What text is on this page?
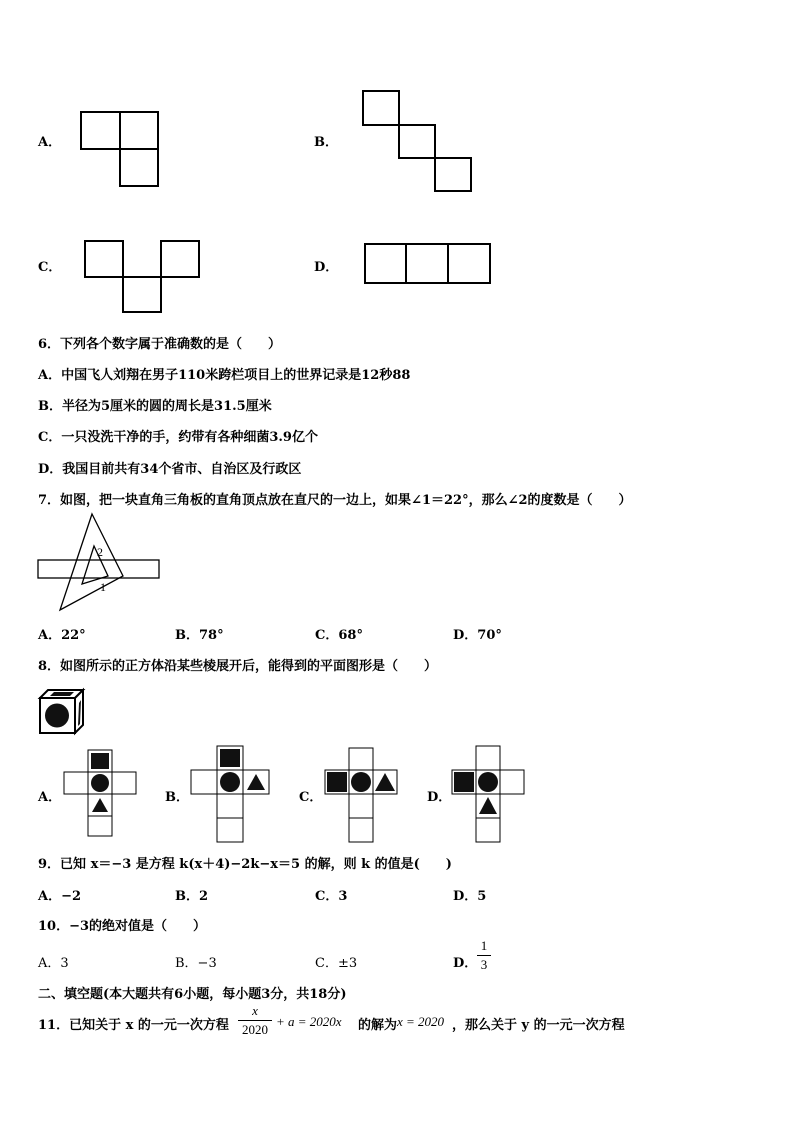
A．	B．
C．	D．
6．下列各个数字属于准确数的是（　　）
A．中国飞人刘翔在男子110米跨栏项目上的世界记录是12秒88
B．半径为5厘米的圆的周长是31.5厘米
C．一只没洗干净的手，约带有各种细菌3.9亿个
D．我国目前共有34个省市、自治区及行政区
7．如图，把一块直角三角板的直角顶点放在直尺的一边上，如果∠1＝22°，那么∠2的度数是（　　）
2
1
A．22°	B．78°	C．68°	D．70°
8．如图所示的正方体沿某些棱展开后，能得到的平面图形是（　　）
A．	B．	C．	D．
9．已知 x＝−3 是方程 k(x＋4)−2k−x＝5 的解，则 k 的值是(　　)
A．−2	B．2	C．3	D．5
10．−3的绝对值是（　　）
A．3	B．−3	C．±3	D．
1
3
二、填空题(本大题共有6小题，每小题3分，共18分)
11．已知关于 x 的一元一次方程
x
2020
+ a = 2020x 的解为 x = 2020 ，那么关于 y 的一元一次方程
